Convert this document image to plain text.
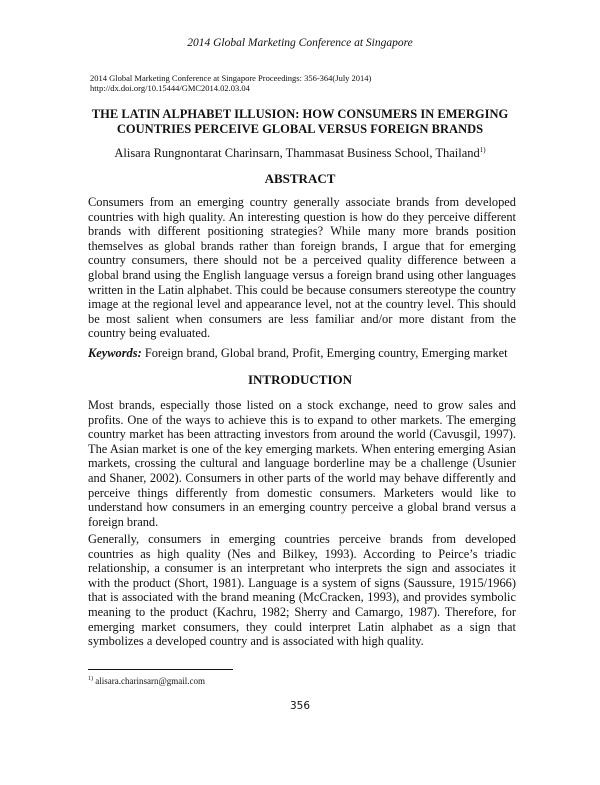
2014 Global Marketing Conference at Singapore
2014 Global Marketing Conference at Singapore Proceedings: 356-364(July 2014)
http://dx.doi.org/10.15444/GMC2014.02.03.04
THE LATIN ALPHABET ILLUSION: HOW CONSUMERS IN EMERGING COUNTRIES PERCEIVE GLOBAL VERSUS FOREIGN BRANDS
Alisara Rungnontarat Charinsarn, Thammasat Business School, Thailand$^{1)}$
ABSTRACT
Consumers from an emerging country generally associate brands from developed countries with high quality. An interesting question is how do they perceive different brands with different positioning strategies? While many more brands position themselves as global brands rather than foreign brands, I argue that for emerging country consumers, there should not be a perceived quality difference between a global brand using the English language versus a foreign brand using other languages written in the Latin alphabet. This could be because consumers stereotype the country image at the regional level and appearance level, not at the country level. This should be most salient when consumers are less familiar and/or more distant from the country being evaluated.
Keywords: Foreign brand, Global brand, Profit, Emerging country, Emerging market
INTRODUCTION
Most brands, especially those listed on a stock exchange, need to grow sales and profits. One of the ways to achieve this is to expand to other markets. The emerging country market has been attracting investors from around the world (Cavusgil, 1997). The Asian market is one of the key emerging markets. When entering emerging Asian markets, crossing the cultural and language borderline may be a challenge (Usunier and Shaner, 2002). Consumers in other parts of the world may behave differently and perceive things differently from domestic consumers. Marketers would like to understand how consumers in an emerging country perceive a global brand versus a foreign brand.
Generally, consumers in emerging countries perceive brands from developed countries as high quality (Nes and Bilkey, 1993). According to Peirce’s triadic relationship, a consumer is an interpretant who interprets the sign and associates it with the product (Short, 1981). Language is a system of signs (Saussure, 1915/1966) that is associated with the brand meaning (McCracken, 1993), and provides symbolic meaning to the product (Kachru, 1982; Sherry and Camargo, 1987). Therefore, for emerging market consumers, they could interpret Latin alphabet as a sign that symbolizes a developed country and is associated with high quality.
$^{1)}$ alisara.charinsarn@gmail.com
356
